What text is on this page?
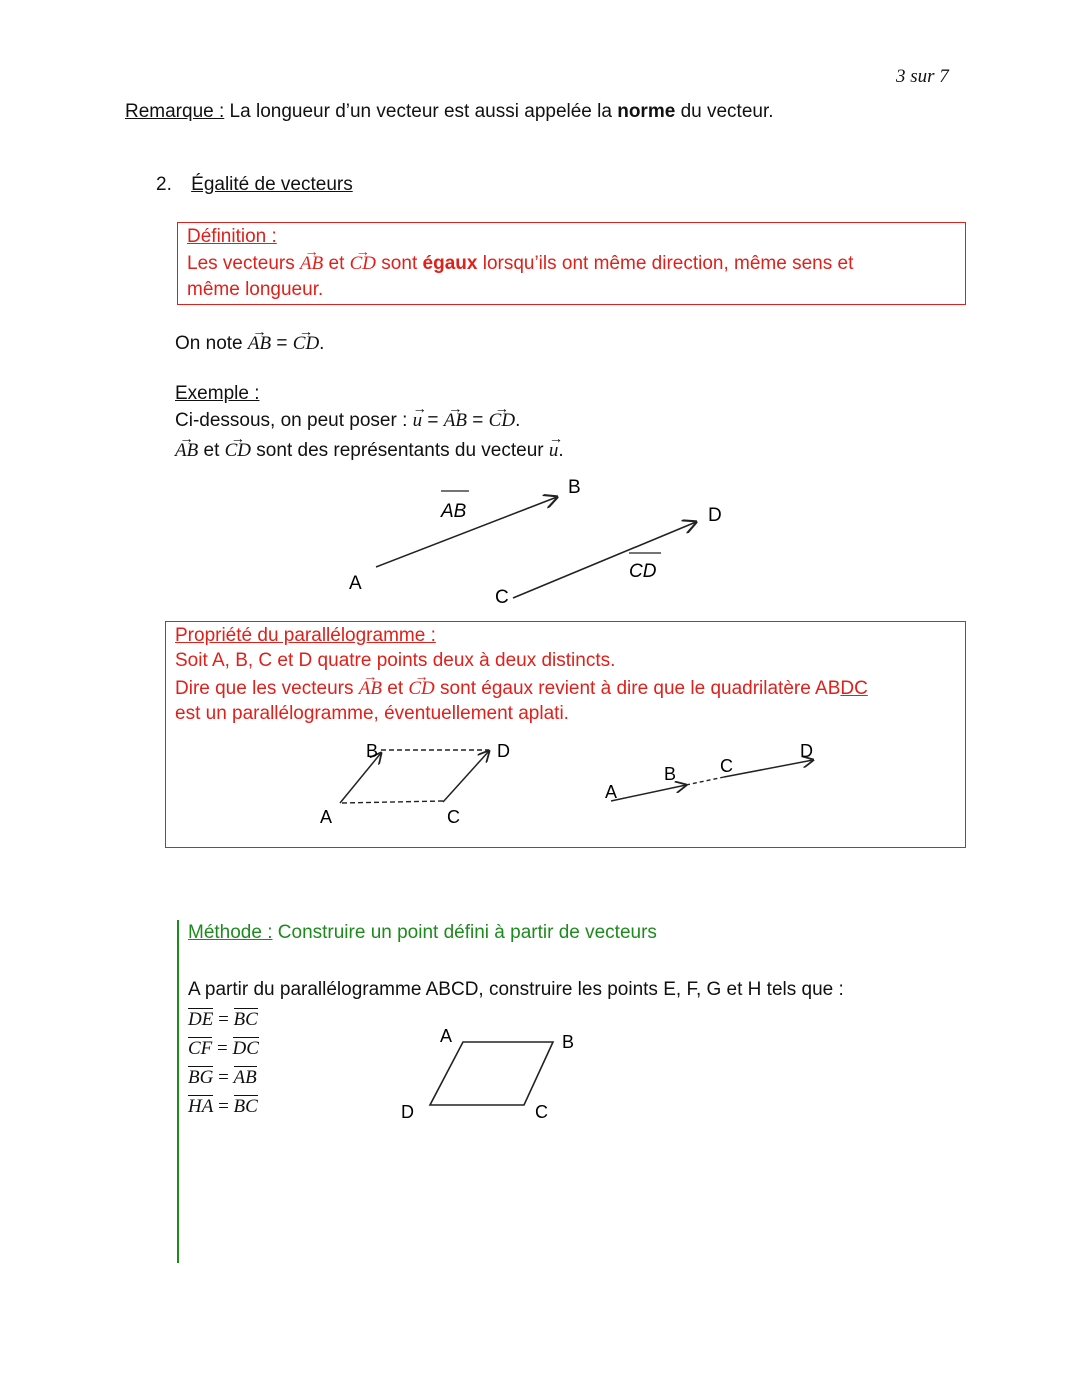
3 sur 7
Remarque : La longueur d’un vecteur est aussi appelée la norme du vecteur.
2. Égalité de vecteurs
Définition :
Les vecteurs → AB et → CD sont égaux lorsqu’ils ont même direction, même sens et
même longueur.
On note → AB = → CD.
Exemple :
Ci-dessous, on peut poser : → u = → AB = → CD.
→ AB et → CD sont des représentants du vecteur → u.
A
B
C
D
AB
CD
Propriété du parallélogramme :
Soit A, B, C et D quatre points deux à deux distincts.
Dire que les vecteurs → AB et → CD sont égaux revient à dire que le quadrilatère ABDC
est un parallélogramme, éventuellement aplati.
A
B
C
D
A
B C
D
Méthode : Construire un point défini à partir de vecteurs
A partir du parallélogramme ABCD, construire les points E, F, G et H tels que :
DE = BC
CF = DC
BG = AB
HA = BC
A	B
C
D
